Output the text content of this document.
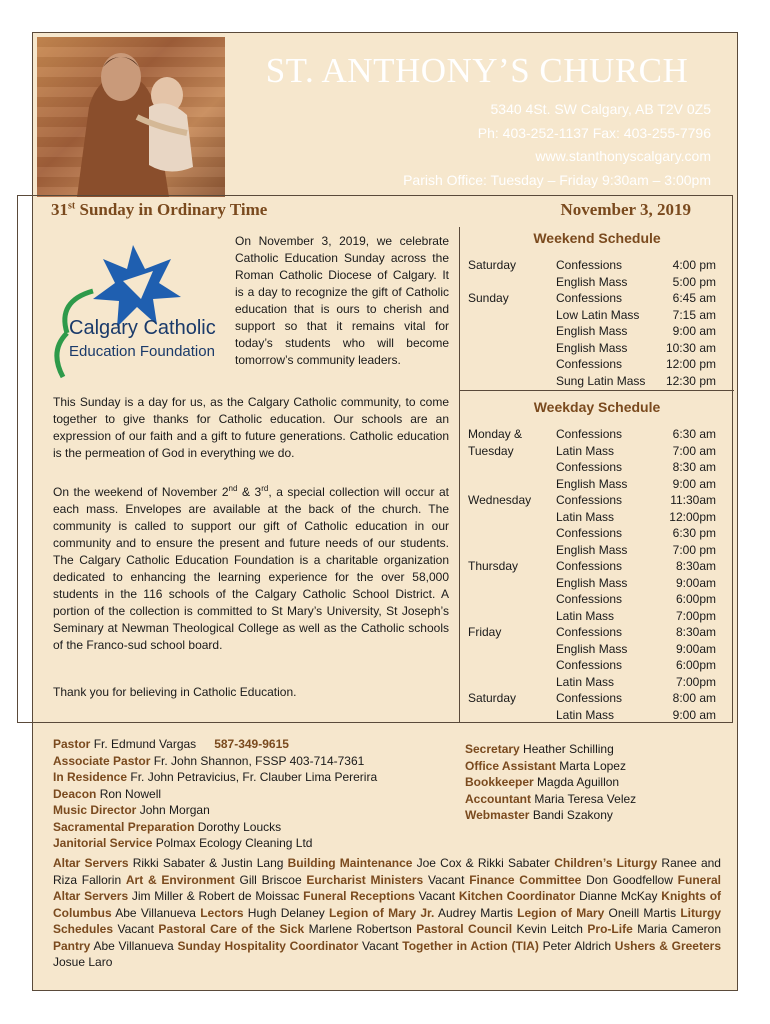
ST. ANTHONY’S CHURCH
5340 4St. SW Calgary, AB T2V 0Z5
Ph: 403-252-1137 Fax: 403-255-7796
www.stanthonyscalgary.com
Parish Office: Tuesday – Friday 9:30am – 3:00pm
31st Sunday in Ordinary Time	November 3, 2019
Calgary Catholic
Education Foundation
On November 3, 2019, we celebrate Catholic Education Sunday across the Roman Catholic Diocese of Calgary. It is a day to recognize the gift of Catholic education that is ours to cherish and support so that it remains vital for today’s students who will become tomorrow’s community leaders.
This Sunday is a day for us, as the Calgary Catholic community, to come together to give thanks for Catholic education. Our schools are an expression of our faith and a gift to future generations. Catholic education is the permeation of God in everything we do.
On the weekend of November 2nd & 3rd, a special collection will occur at each mass. Envelopes are available at the back of the church. The community is called to support our gift of Catholic education in our community and to ensure the present and future needs of our students. The Calgary Catholic Education Foundation is a charitable organization dedicated to enhancing the learning experience for the over 58,000 students in the 116 schools of the Calgary Catholic School District. A portion of the collection is committed to St Mary’s University, St Joseph’s Seminary at Newman Theological College as well as the Catholic schools of the Franco-sud school board.
Thank you for believing in Catholic Education.
Weekend Schedule
Weekday Schedule
Saturday	Confessions	4:00 pm
English Mass	5:00 pm
Sunday	Confessions	6:45 am
Low Latin Mass	7:15 am
English Mass	9:00 am
English Mass	10:30 am
Confessions	12:00 pm
Sung Latin Mass 12:30 pm
Monday &	Confessions	6:30 am
Tuesday	Latin Mass	7:00 am
Confessions	8:30 am
English Mass	9:00 am
Wednesday Confessions	11:30am
Latin Mass	12:00pm
Confessions	6:30 pm
English Mass	7:00 pm
Thursday	Confessions	8:30am
English Mass	9:00am
Confessions	6:00pm
Latin Mass	7:00pm
Friday	Confessions	8:30am
English Mass	9:00am
Confessions	6:00pm
Latin Mass	7:00pm
Saturday	Confessions	8:00 am
Latin Mass	9:00 am
Pastor Fr. Edmund Vargas 587-349-9615
Associate Pastor Fr. John Shannon, FSSP 403-714-7361
In Residence Fr. John Petravicius, Fr. Clauber Lima Pererira
Deacon Ron Nowell
Music Director John Morgan
Sacramental Preparation Dorothy Loucks
Janitorial Service Polmax Ecology Cleaning Ltd
Secretary Heather Schilling
Office Assistant Marta Lopez
Bookkeeper Magda Aguillon
Accountant Maria Teresa Velez
Webmaster Bandi Szakony
Altar Servers Rikki Sabater & Justin Lang Building Maintenance Joe Cox & Rikki Sabater Children’s Liturgy Ranee and Riza Fallorin Art & Environment Gill Briscoe Eurcharist Ministers Vacant Finance Committee Don Goodfellow Funeral Altar Servers Jim Miller & Robert de Moissac Funeral Receptions Vacant Kitchen Coordinator Dianne McKay Knights of Columbus Abe Villanueva Lectors Hugh Delaney Legion of Mary Jr. Audrey Martis Legion of Mary Oneill Martis Liturgy Schedules Vacant Pastoral Care of the Sick Marlene Robertson Pastoral Council Kevin Leitch Pro-Life Maria Cameron Pantry Abe Villanueva Sunday Hospitality Coordinator Vacant Together in Action (TIA) Peter Aldrich Ushers & Greeters Josue Laro
